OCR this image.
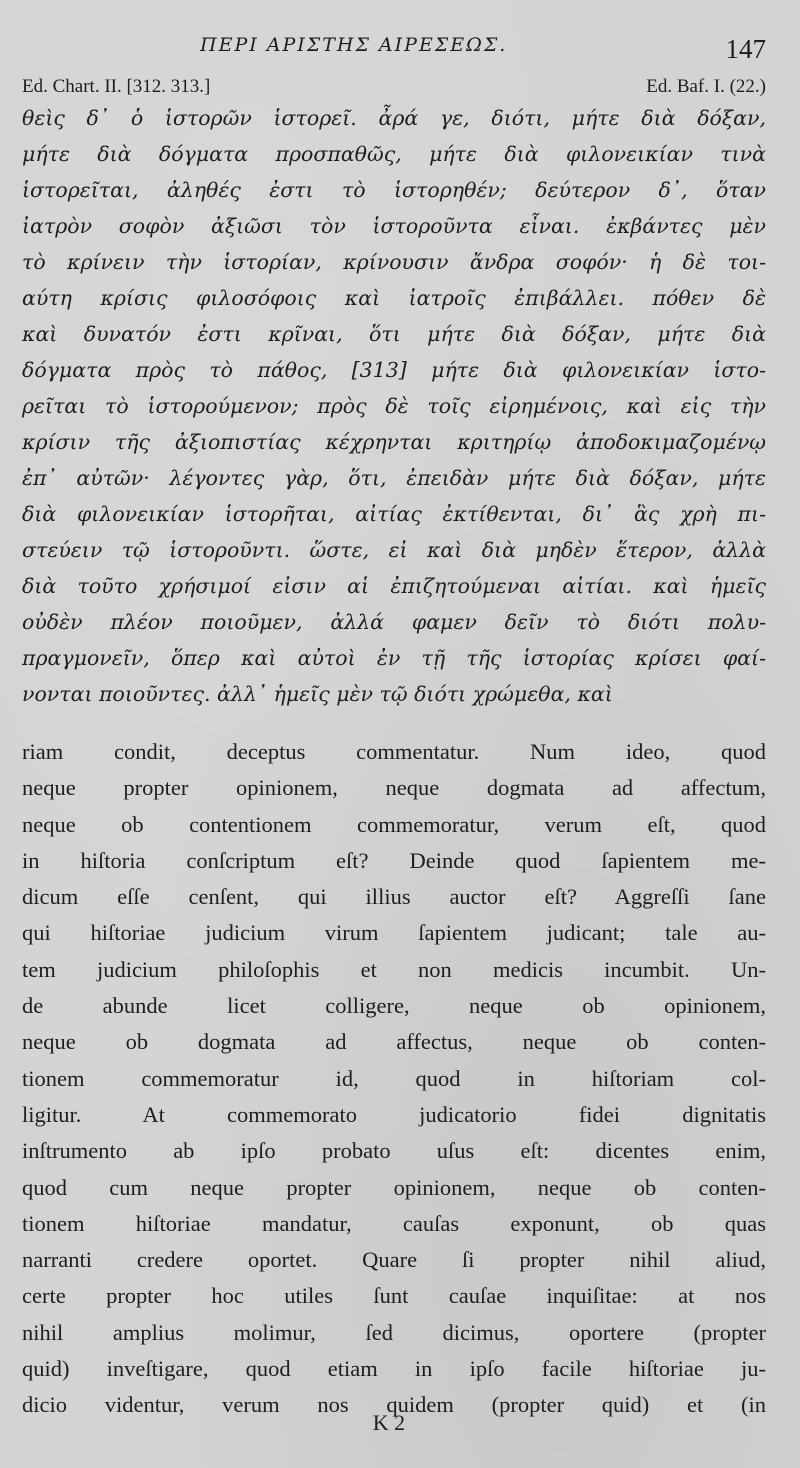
ΠΕΡΙ ΑΡΙΣΤΗΣ ΑΙΡΕΣΕΩΣ.	147
Ed. Chart. II. [312. 313.]	Ed. Baf. I. (22.)
θεὶς δ᾽ ὁ ἱστορῶν ἱστορεῖ. ἆρά γε, διότι, μήτε διὰ δόξαν,
μήτε διὰ δόγματα προσπαθῶς, μήτε διὰ φιλονεικίαν τινὰ
ἱστορεῖται, ἀληθές ἐστι τὸ ἱστορηθέν; δεύτερον δ᾽, ὅταν
ἰατρὸν σοφὸν ἀξιῶσι τὸν ἱστοροῦντα εἶναι. ἐκβάντες μὲν
τὸ κρίνειν τὴν ἱστορίαν, κρίνουσιν ἄνδρα σοφόν· ἡ δὲ τοι-
αύτη κρίσις φιλοσόφοις καὶ ἰατροῖς ἐπιβάλλει. πόθεν δὲ
καὶ δυνατόν ἐστι κρῖναι, ὅτι μήτε διὰ δόξαν, μήτε διὰ
δόγματα πρὸς τὸ πάθος, [313] μήτε διὰ φιλονεικίαν ἱστο-
ρεῖται τὸ ἱστορούμενον; πρὸς δὲ τοῖς εἰρημένοις, καὶ εἰς τὴν
κρίσιν τῆς ἀξιοπιστίας κέχρηνται κριτηρίῳ ἀποδοκιμαζομένῳ
ἐπ᾽ αὐτῶν· λέγοντες γὰρ, ὅτι, ἐπειδὰν μήτε διὰ δόξαν, μήτε
διὰ φιλονεικίαν ἱστορῆται, αἰτίας ἐκτίθενται, δι᾽ ἃς χρὴ πι-
στεύειν τῷ ἱστοροῦντι. ὥστε, εἰ καὶ διὰ μηδὲν ἕτερον, ἀλλὰ
διὰ τοῦτο χρήσιμοί εἰσιν αἱ ἐπιζητούμεναι αἰτίαι. καὶ ἡμεῖς
οὐδὲν πλέον ποιοῦμεν, ἀλλά φαμεν δεῖν τὸ διότι πολυ-
πραγμονεῖν, ὅπερ καὶ αὐτοὶ ἐν τῇ τῆς ἱστορίας κρίσει φαί-
νονται ποιοῦντες. ἀλλ᾽ ἡμεῖς μὲν τῷ διότι χρώμεθα, καὶ
riam condit, deceptus commentatur. Num ideo, quod
neque propter opinionem, neque dogmata ad affectum,
neque ob contentionem commemoratur, verum eſt, quod
in hiſtoria conſcriptum eſt? Deinde quod ſapientem me-
dicum eſſe cenſent, qui illius auctor eſt? Aggreſſi ſane
qui hiſtoriae judicium virum ſapientem judicant; tale au-
tem judicium philoſophis et non medicis incumbit. Un-
de abunde licet colligere, neque ob opinionem,
neque ob dogmata ad affectus, neque ob conten-
tionem commemoratur id, quod in hiſtoriam col-
ligitur. At commemorato judicatorio fidei dignitatis
inſtrumento ab ipſo probato uſus eſt: dicentes enim,
quod cum neque propter opinionem, neque ob conten-
tionem hiſtoriae mandatur, cauſas exponunt, ob quas
narranti credere oportet. Quare ſi propter nihil aliud,
certe propter hoc utiles ſunt cauſae inquiſitae: at nos
nihil amplius molimur, ſed dicimus, oportere (propter
quid) inveſtigare, quod etiam in ipſo facile hiſtoriae ju-
dicio videntur, verum nos quidem (propter quid) et (in
K 2
